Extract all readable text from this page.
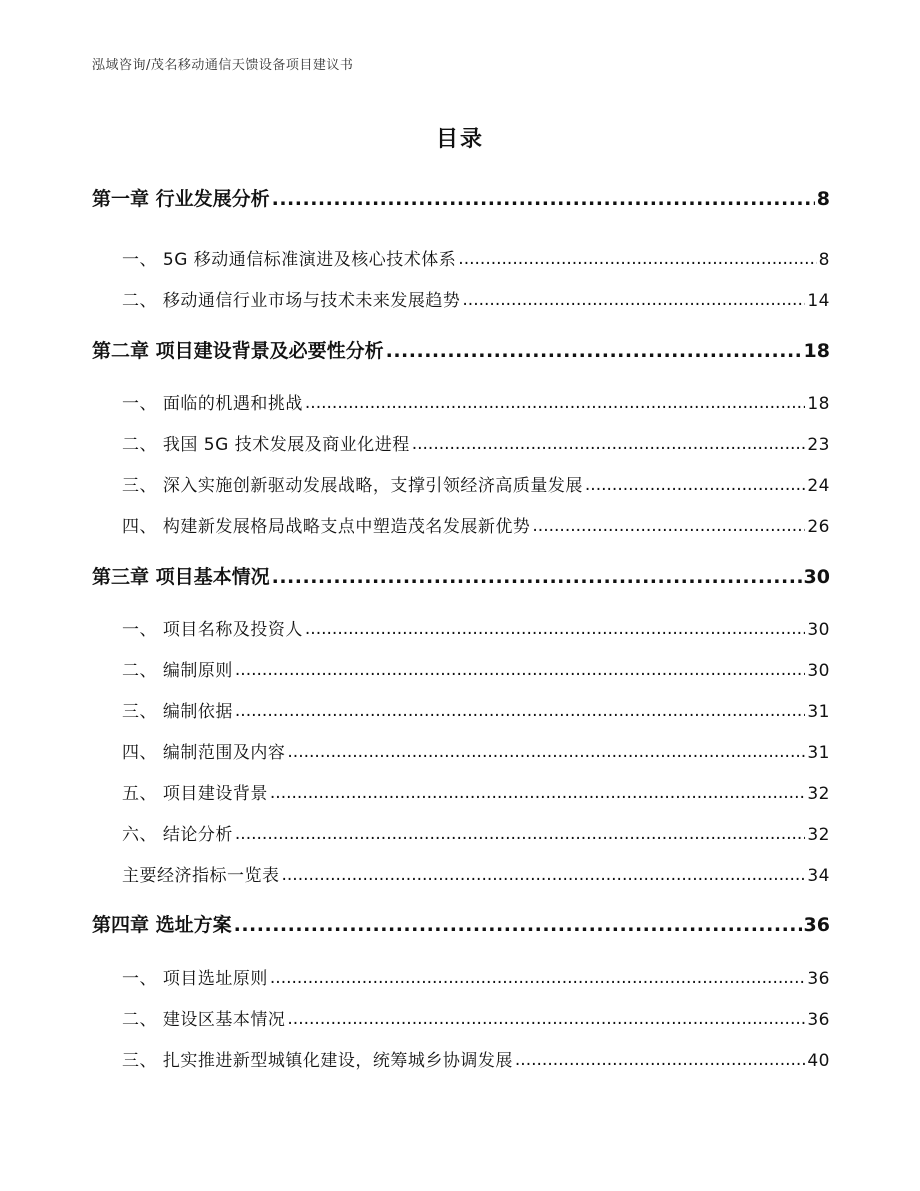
泓域咨询/茂名移动通信天馈设备项目建议书
目录
第一章 行业发展分析 .....	8
一、 5G 移动通信标准演进及核心技术体系 .....	8
二、 移动通信行业市场与技术未来发展趋势 .....	14
第二章 项目建设背景及必要性分析 .....	18
一、 面临的机遇和挑战 .....	18
二、 我国 5G 技术发展及商业化进程 .....	23
三、 深入实施创新驱动发展战略，支撑引领经济高质量发展 .....	24
四、 构建新发展格局战略支点中塑造茂名发展新优势 .....	26
第三章 项目基本情况 .....	30
一、 项目名称及投资人 .....	30
二、 编制原则 .....	30
三、 编制依据 .....	31
四、 编制范围及内容 .....	31
五、 项目建设背景 .....	32
六、 结论分析 .....	32
主要经济指标一览表 .....	34
第四章 选址方案 .....	36
一、 项目选址原则 .....	36
二、 建设区基本情况 .....	36
三、 扎实推进新型城镇化建设，统筹城乡协调发展 .....	40
